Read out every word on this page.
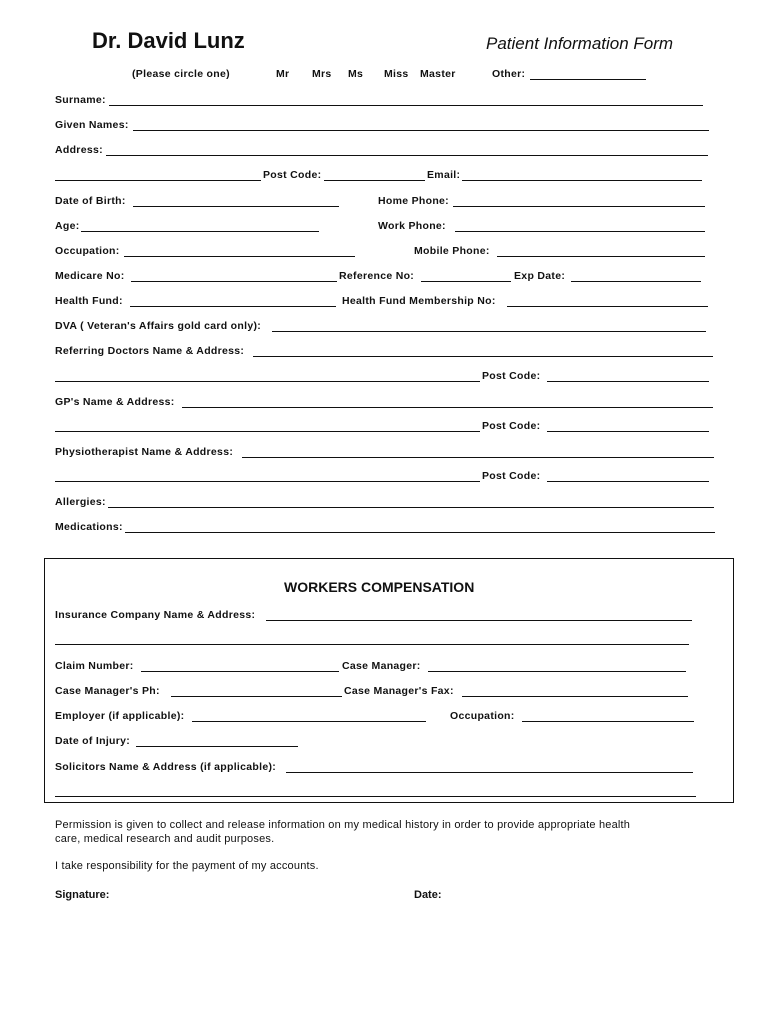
Dr. David Lunz	Patient Information Form
(Please circle one)	Mr Mrs Ms Miss Master	Other:
Surname:
Given Names:
Address:
Post Code:	Email:
Date of Birth:	Home Phone:
Age:	Work Phone:
Occupation:	Mobile Phone:
Medicare No:	Reference No:	Exp Date:
Health Fund:	Health Fund Membership No:
DVA ( Veteran's Affairs gold card only):
Referring Doctors Name & Address:
Post Code:
GP's Name & Address:
Post Code:
Physiotherapist Name & Address:
Post Code:
Allergies:
Medications:
WORKERS COMPENSATION
Insurance Company Name & Address:
Claim Number:	Case Manager:
Case Manager's Ph:	Case Manager's Fax:
Employer (if applicable):	Occupation:
Date of Injury:
Solicitors Name & Address (if applicable):
Permission is given to collect and release information on my medical history in order to provide appropriate health
care, medical research and audit purposes.
I take responsibility for the payment of my accounts.
Signature:	Date:
